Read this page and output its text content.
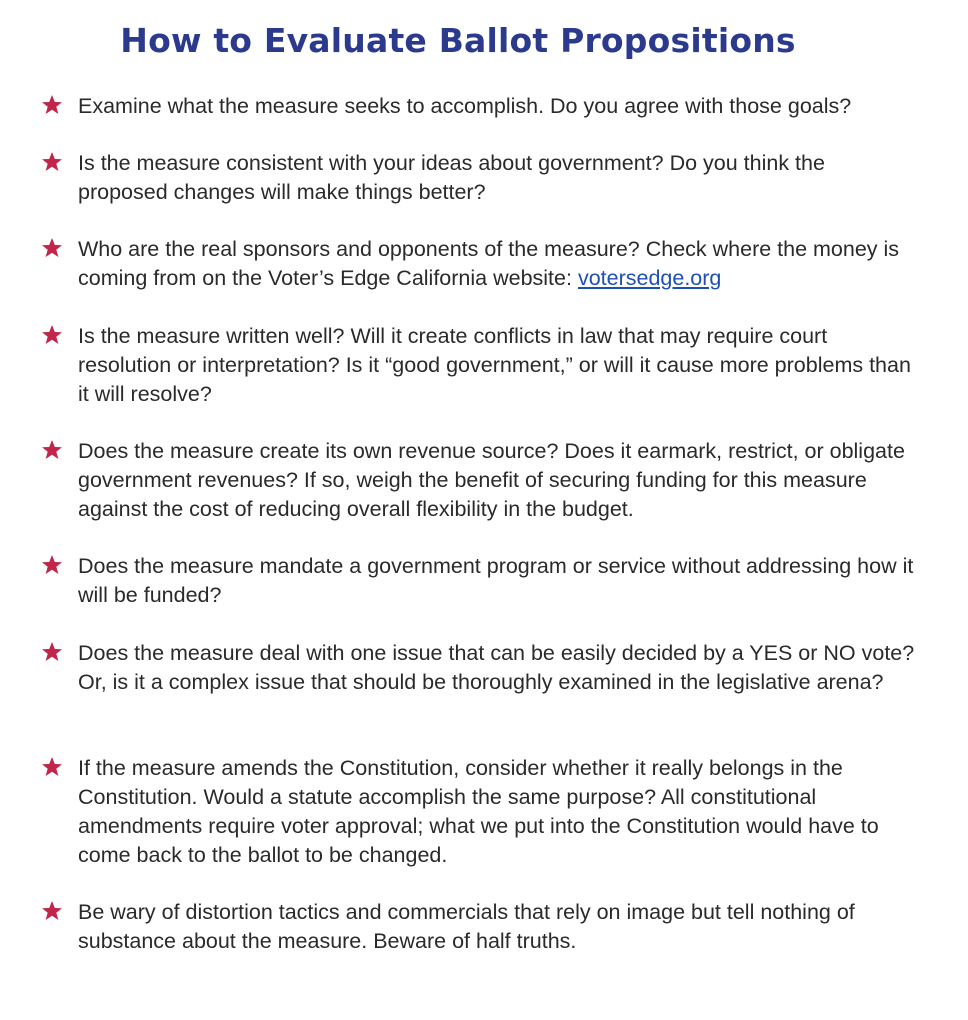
How to Evaluate Ballot Propositions

Examine what the measure seeks to accomplish. Do you agree with those goals?

Is the measure consistent with your ideas about government? Do you think the proposed changes will make things better?

Who are the real sponsors and opponents of the measure? Check where the money is coming from on the Voter’s Edge California website: votersedge.org

Is the measure written well? Will it create conflicts in law that may require court resolution or interpretation? Is it “good government,” or will it cause more problems than it will resolve?

Does the measure create its own revenue source? Does it earmark, restrict, or obligate government revenues? If so, weigh the benefit of securing funding for this measure against the cost of reducing overall flexibility in the budget.

Does the measure mandate a government program or service without addressing how it will be funded?

Does the measure deal with one issue that can be easily decided by a YES or NO vote? Or, is it a complex issue that should be thoroughly examined in the legislative arena?

If the measure amends the Constitution, consider whether it really belongs in the Constitution. Would a statute accomplish the same purpose? All constitutional amendments require voter approval; what we put into the Constitution would have to come back to the ballot to be changed.

Be wary of distortion tactics and commercials that rely on image but tell nothing of substance about the measure. Beware of half truths.
